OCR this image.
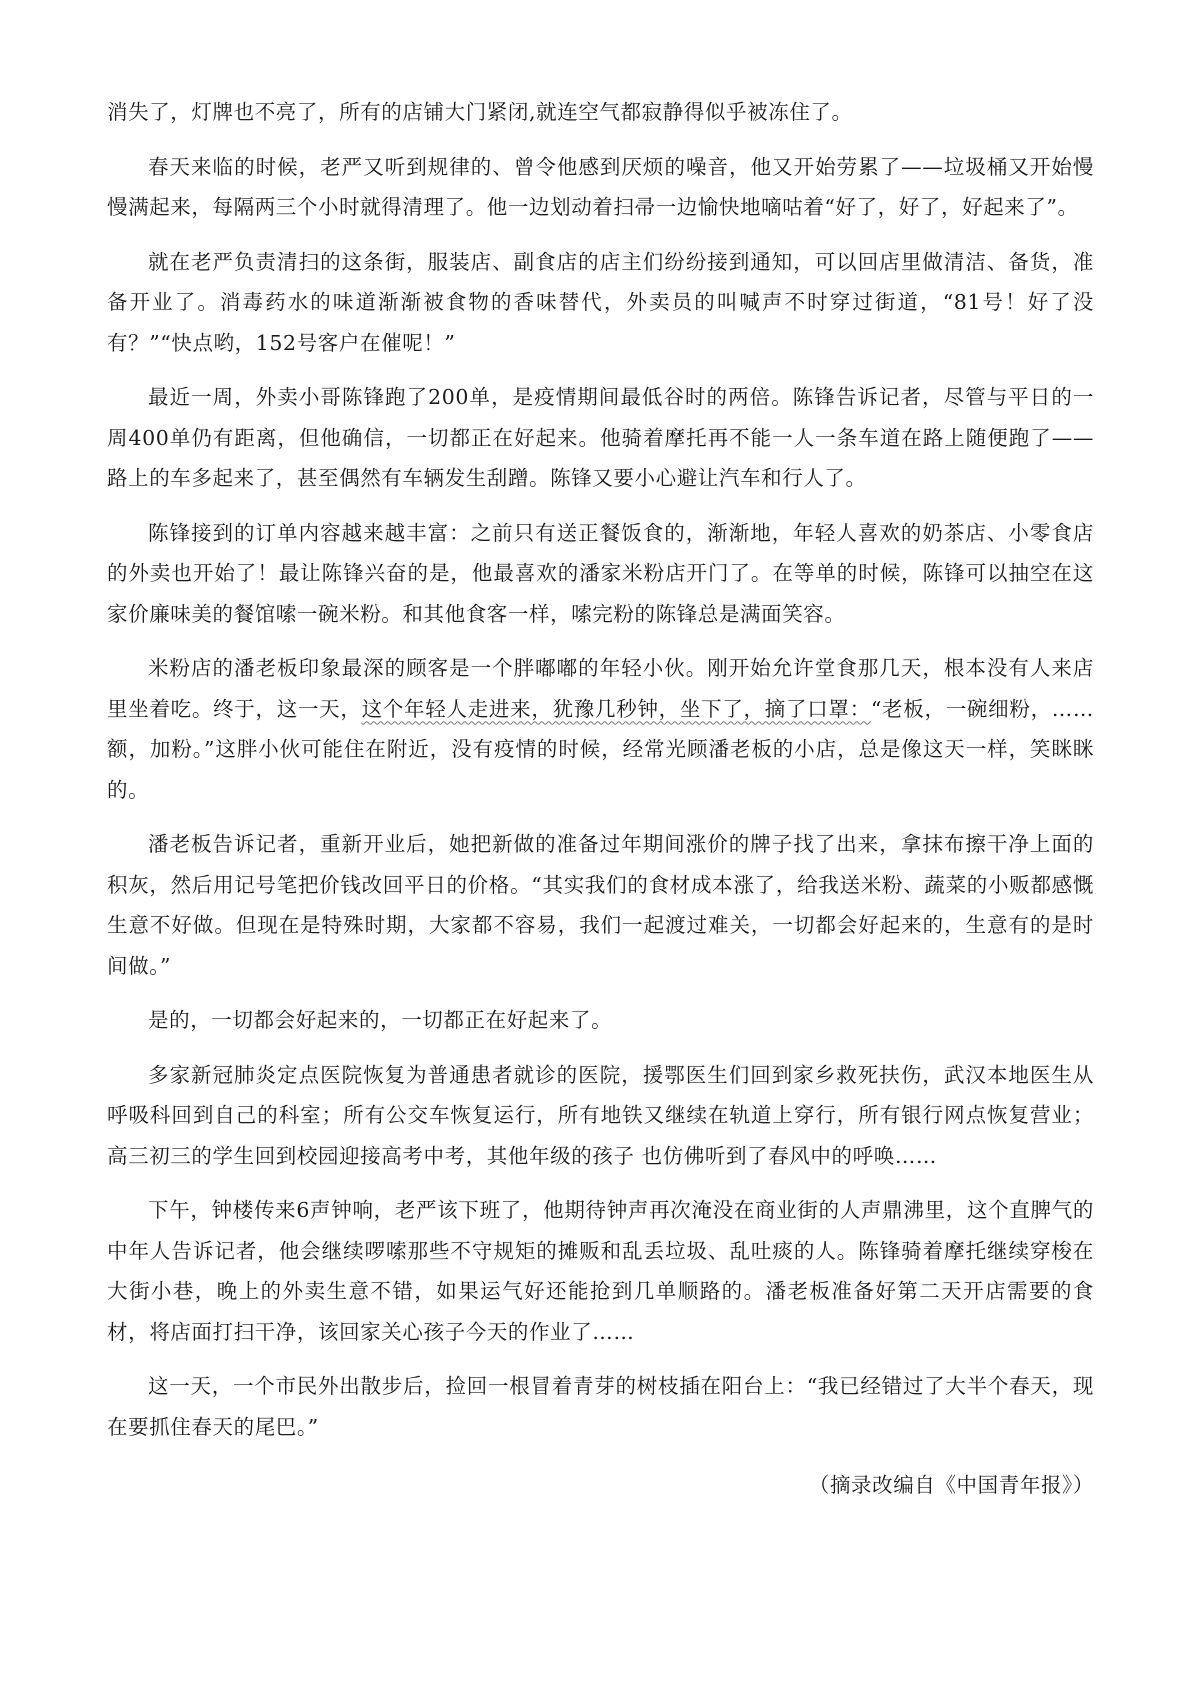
消失了，灯牌也不亮了，所有的店铺大门紧闭,就连空气都寂静得似乎被冻住了。

春天来临的时候，老严又听到规律的、曾令他感到厌烦的噪音，他又开始劳累了——垃圾桶又开始慢慢满起来，每隔两三个小时就得清理了。他一边划动着扫帚一边愉快地嘀咕着“好了，好了，好起来了”。

就在老严负责清扫的这条街，服装店、副食店的店主们纷纷接到通知，可以回店里做清洁、备货，准备开业了。消毒药水的味道渐渐被食物的香味替代，外卖员的叫喊声不时穿过街道，“81号！好了没有？”“快点哟，152号客户在催呢！”

最近一周，外卖小哥陈锋跑了200单，是疫情期间最低谷时的两倍。陈锋告诉记者，尽管与平日的一周400单仍有距离，但他确信，一切都正在好起来。他骑着摩托再不能一人一条车道在路上随便跑了——路上的车多起来了，甚至偶然有车辆发生刮蹭。陈锋又要小心避让汽车和行人了。

陈锋接到的订单内容越来越丰富：之前只有送正餐饭食的，渐渐地，年轻人喜欢的奶茶店、小零食店的外卖也开始了！最让陈锋兴奋的是，他最喜欢的潘家米粉店开门了。在等单的时候，陈锋可以抽空在这家价廉味美的餐馆嗦一碗米粉。和其他食客一样，嗦完粉的陈锋总是满面笑容。

米粉店的潘老板印象最深的顾客是一个胖嘟嘟的年轻小伙。刚开始允许堂食那几天，根本没有人来店里坐着吃。终于，这一天，这个年轻人走进来，犹豫几秒钟，坐下了，摘了口罩：“老板，一碗细粉，……额，加粉。”这胖小伙可能住在附近，没有疫情的时候，经常光顾潘老板的小店，总是像这天一样，笑眯眯的。

潘老板告诉记者，重新开业后，她把新做的准备过年期间涨价的牌子找了出来，拿抹布擦干净上面的积灰，然后用记号笔把价钱改回平日的价格。“其实我们的食材成本涨了，给我送米粉、蔬菜的小贩都感慨生意不好做。但现在是特殊时期，大家都不容易，我们一起渡过难关，一切都会好起来的，生意有的是时间做。”

是的，一切都会好起来的，一切都正在好起来了。

多家新冠肺炎定点医院恢复为普通患者就诊的医院，援鄂医生们回到家乡救死扶伤，武汉本地医生从呼吸科回到自己的科室；所有公交车恢复运行，所有地铁又继续在轨道上穿行，所有银行网点恢复营业；高三初三的学生回到校园迎接高考中考，其他年级的孩子 也仿佛听到了春风中的呼唤……

下午，钟楼传来6声钟响，老严该下班了，他期待钟声再次淹没在商业街的人声鼎沸里，这个直脾气的中年人告诉记者，他会继续啰嗦那些不守规矩的摊贩和乱丢垃圾、乱吐痰的人。陈锋骑着摩托继续穿梭在大街小巷，晚上的外卖生意不错，如果运气好还能抢到几单顺路的。潘老板准备好第二天开店需要的食材，将店面打扫干净，该回家关心孩子今天的作业了……

这一天，一个市民外出散步后，捡回一根冒着青芽的树枝插在阳台上：“我已经错过了大半个春天，现在要抓住春天的尾巴。”

（摘录改编自《中国青年报》）
